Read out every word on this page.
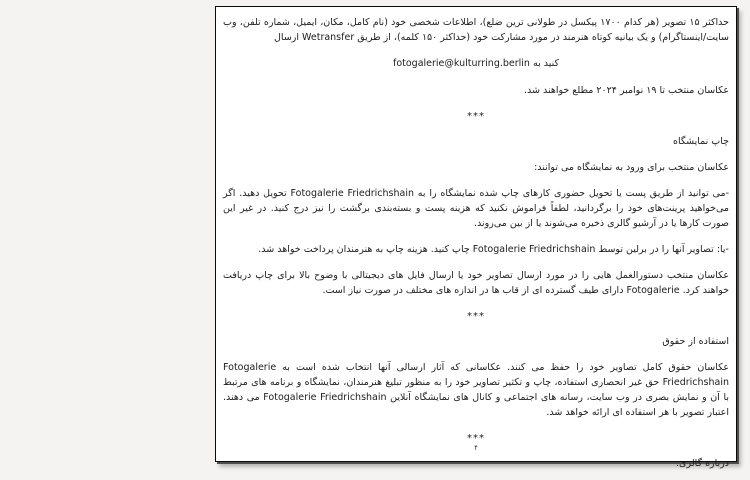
حداکثر ۱۵ تصویر (هر کدام ۱۷۰۰ پیکسل در طولانی ترین ضلع)، اطلاعات شخصی خود (نام کامل، مکان، ایمیل، شماره تلفن، وب سایت/اینستاگرام) و یک بیانیه کوتاه هنرمند در مورد مشارکت خود (حداکثر ۱۵۰ کلمه)، از طریق Wetransfer ارسال
کنید به fotogalerie@kulturring.berlin
عکاسان منتخب تا ۱۹ نوامبر ۲۰۲۴ مطلع خواهند شد.
***
چاپ نمایشگاه
عکاسان منتخب برای ورود به نمایشگاه می توانند:
-می توانید از طریق پست یا تحویل حضوری کارهای چاپ شده نمایشگاه را به Fotogalerie Friedrichshain تحویل دهید. اگر می‌خواهید پرینت‌های خود را برگردانید، لطفاً فراموش نکنید که هزینه پست و بسته‌بندی برگشت را نیز درج کنید. در غیر این صورت کارها یا در آرشیو گالری ذخیره می‌شوند یا از بین می‌روند.
-یا: تصاویر آنها را در برلین توسط Fotogalerie Friedrichshain چاپ کنید. هزینه چاپ به هنرمندان پرداخت خواهد شد.
عکاسان منتخب دستورالعمل هایی را در مورد ارسال تصاویر خود یا ارسال فایل های دیجیتالی با وضوح بالا برای چاپ دریافت خواهند کرد. Fotogalerie دارای طیف گسترده ای از قاب ها در اندازه های مختلف در صورت نیاز است.
***
استفاده از حقوق
عکاسان حقوق کامل تصاویر خود را حفظ می کنند. عکاسانی که آثار ارسالی آنها انتخاب شده است به Fotogalerie Friedrichshain حق غیر انحصاری استفاده، چاپ و تکثیر تصاویر خود را به منظور تبلیغ هنرمندان، نمایشگاه و برنامه های مرتبط با آن و نمایش بصری در وب سایت، رسانه های اجتماعی و کانال های نمایشگاه آنلاین Fotogalerie Friedrichshain می دهند. اعتبار تصویر با هر استفاده ای ارائه خواهد شد.
***
درباره گالری:
۴
